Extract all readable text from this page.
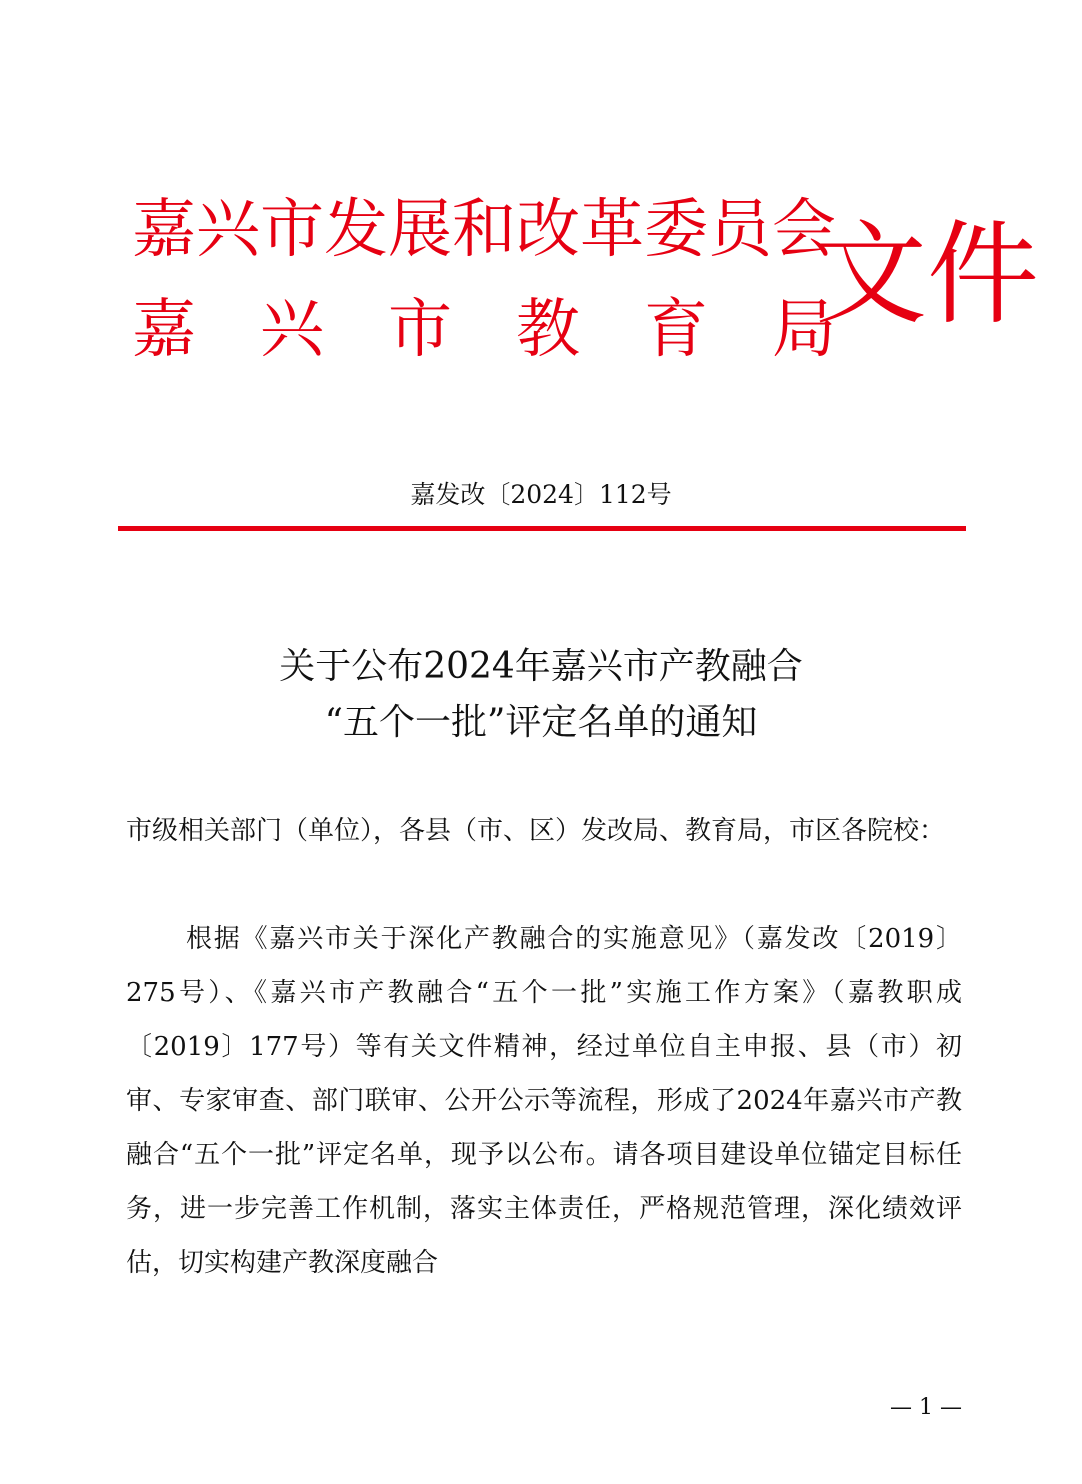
嘉兴市发展和改革委员会
嘉　兴　市　教　育　局
文件
嘉发改〔2024〕112号
关于公布2024年嘉兴市产教融合
“五个一批”评定名单的通知
市级相关部门（单位），各县（市、区）发改局、教育局，市区各院校：
根据《嘉兴市关于深化产教融合的实施意见》（嘉发改〔2019〕275号）、《嘉兴市产教融合“五个一批”实施工作方案》（嘉教职成〔2019〕177号）等有关文件精神，经过单位自主申报、县（市）初审、专家审查、部门联审、公开公示等流程，形成了2024年嘉兴市产教融合“五个一批”评定名单，现予以公布。请各项目建设单位锚定目标任务，进一步完善工作机制，落实主体责任，严格规范管理，深化绩效评估，切实构建产教深度融合
— 1 —
